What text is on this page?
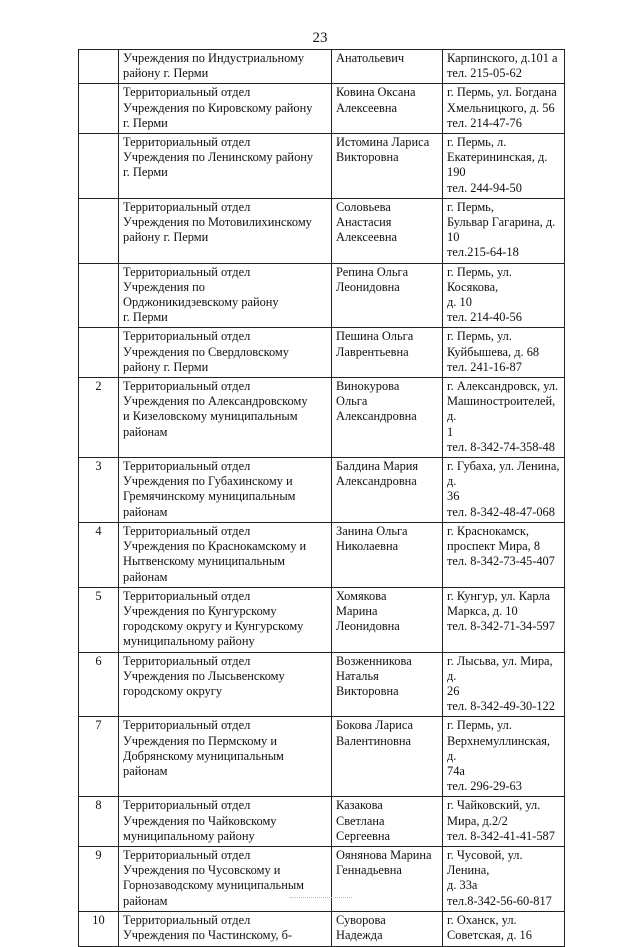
23
	Учреждения по Индустриальному
району г. Перми	Анатольевич	Карпинского, д.101 а
тел. 215-05-62
	Территориальный отдел
Учреждения по Кировскому району
г. Перми	Ковина Оксана
Алексеевна	г. Пермь, ул. Богдана
Хмельницкого, д. 56
тел. 214-47-76
	Территориальный отдел
Учреждения по Ленинскому району
г. Перми	Истомина Лариса
Викторовна	г. Пермь, л.
Екатерининская, д. 190
тел. 244-94-50
	Территориальный отдел
Учреждения по Мотовилихинскому
району г. Перми	Соловьева
Анастасия
Алексеевна	г. Пермь,
Бульвар Гагарина, д. 10
тел.215-64-18
	Территориальный отдел
Учреждения по
Орджоникидзевскому району
г. Перми	Репина Ольга
Леонидовна	г. Пермь, ул. Косякова,
д. 10
тел. 214-40-56
	Территориальный отдел
Учреждения по Свердловскому
району г. Перми	Пешина Ольга
Лаврентьевна	г. Пермь, ул.
Куйбышева, д. 68
тел. 241-16-87
2	Территориальный отдел
Учреждения по Александровскому
и Кизеловскому муниципальным
районам	Винокурова
Ольга
Александровна	г. Александровск, ул.
Машиностроителей, д.
1
тел. 8-342-74-358-48
3	Территориальный отдел
Учреждения по Губахинскому и
Гремячинскому муниципальным
районам	Балдина Мария
Александровна	г. Губаха, ул. Ленина, д.
36
тел. 8-342-48-47-068
4	Территориальный отдел
Учреждения по Краснокамскому и
Нытвенскому муниципальным
районам	Занина Ольга
Николаевна	г. Краснокамск,
проспект Мира, 8
тел. 8-342-73-45-407
5	Территориальный отдел
Учреждения по Кунгурскому
городскому округу и Кунгурскому
муниципальному району	Хомякова
Марина
Леонидовна	г. Кунгур, ул. Карла
Маркса, д. 10
тел. 8-342-71-34-597
6	Территориальный отдел
Учреждения по Лысьвенскому
городскому округу	Возженникова
Наталья
Викторовна	г. Лысьва, ул. Мира, д.
26
тел. 8-342-49-30-122
7	Территориальный отдел
Учреждения по Пермскому и
Добрянскому муниципальным
районам	Бокова Лариса
Валентиновна	г. Пермь, ул.
Верхнемуллинская, д.
74а
тел. 296-29-63
8	Территориальный отдел
Учреждения по Чайковскому
муниципальному району	Казакова
Светлана
Сергеевна	г. Чайковский, ул.
Мира, д.2/2
тел. 8-342-41-41-587
9	Территориальный отдел
Учреждения по Чусовскому и
Горнозаводскому муниципальным
районам	Оянянова Марина
Геннадьевна	г. Чусовой, ул. Ленина,
д. 33а
тел.8-342-56-60-817
10	Территориальный отдел
Учреждения по Частинскому, б-	Суворова
Надежда	г. Оханск, ул.
Советская, д. 16
